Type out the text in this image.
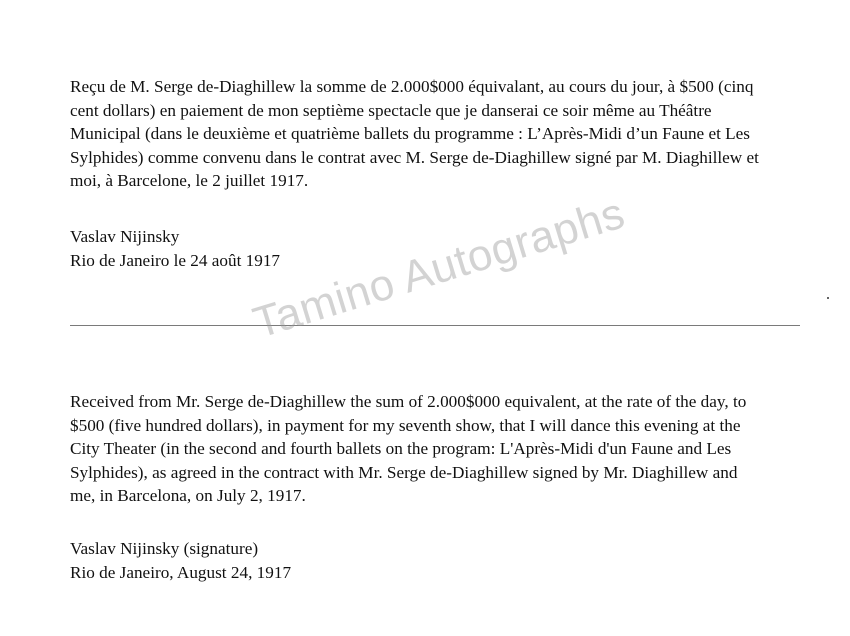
Reçu de M. Serge de-Diaghillew la somme de 2.000$000 équivalant, au cours du jour, à $500 (cinq
cent dollars) en paiement de mon septième spectacle que je danserai ce soir même au Théâtre
Municipal (dans le deuxième et quatrième ballets du programme : L’Après-Midi d’un Faune et Les
Sylphides) comme convenu dans le contrat avec M. Serge de-Diaghillew signé par M. Diaghillew et
moi, à Barcelone, le 2 juillet 1917.

Vaslav Nijinsky
Rio de Janeiro le 24 août 1917

Received from Mr. Serge de-Diaghillew the sum of 2.000$000 equivalent, at the rate of the day, to
$500 (five hundred dollars), in payment for my seventh show, that I will dance this evening at the
City Theater (in the second and fourth ballets on the program: L'Après-Midi d'un Faune and Les
Sylphides), as agreed in the contract with Mr. Serge de-Diaghillew signed by Mr. Diaghillew and
me, in Barcelona, on July 2, 1917.

Vaslav Nijinsky (signature)
Rio de Janeiro, August 24, 1917

Tamino Autographs
